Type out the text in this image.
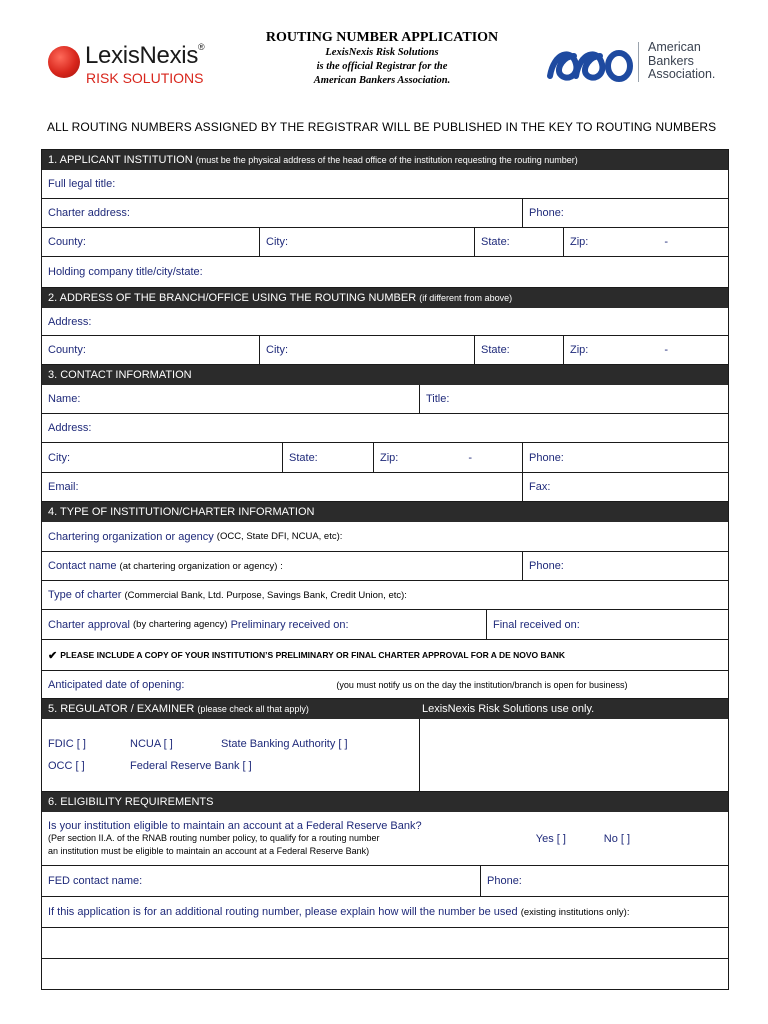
LexisNexis®
RISK SOLUTIONS
ROUTING NUMBER APPLICATION
LexisNexis Risk Solutions
is the official Registrar for the
American Bankers Association.
American
Bankers
Association.
ALL ROUTING NUMBERS ASSIGNED BY THE REGISTRAR WILL BE PUBLISHED IN THE KEY TO ROUTING NUMBERS
1. APPLICANT INSTITUTION (must be the physical address of the head office of the institution requesting the routing number)
Full legal title:
Charter address:	Phone:
County:	City:	State:	Zip:	-
Holding company title/city/state:
2. ADDRESS OF THE BRANCH/OFFICE USING THE ROUTING NUMBER (if different from above)
Address:
County:	City:	State:	Zip:	-
3. CONTACT INFORMATION
Name:	Title:
Address:
City:	State:	Zip:	-	Phone:
Email:	Fax:
4. TYPE OF INSTITUTION/CHARTER INFORMATION
Chartering organization or agency
(OCC, State DFI, NCUA, etc):
Contact name
(at chartering organization or agency) :	Phone:
Type of charter
(Commercial Bank, Ltd. Purpose, Savings Bank, Credit Union, etc):
Charter approval
(by chartering agency)
Preliminary received on:	Final received on:
✔ PLEASE INCLUDE A COPY OF YOUR INSTITUTION’S PRELIMINARY OR FINAL CHARTER APPROVAL FOR A DE NOVO BANK
Anticipated date of opening:	(you must notify us on the day the institution/branch is open for business)
5. REGULATOR / EXAMINER (please check all that apply)	LexisNexis Risk Solutions use only.
FDIC [ ]	NCUA [ ]	State Banking Authority [ ]
OCC [ ]	Federal Reserve Bank [ ]
6. ELIGIBILITY REQUIREMENTS
Is your institution eligible to maintain an account at a Federal Reserve Bank?
(Per section II.A. of the RNAB routing number policy, to qualify for a routing number
an institution must be eligible to maintain an account at a Federal Reserve Bank)
Yes [ ]	No [ ]
FED contact name:	Phone:
If this application is for an additional routing number, please explain how will the number be used
(existing institutions only):
